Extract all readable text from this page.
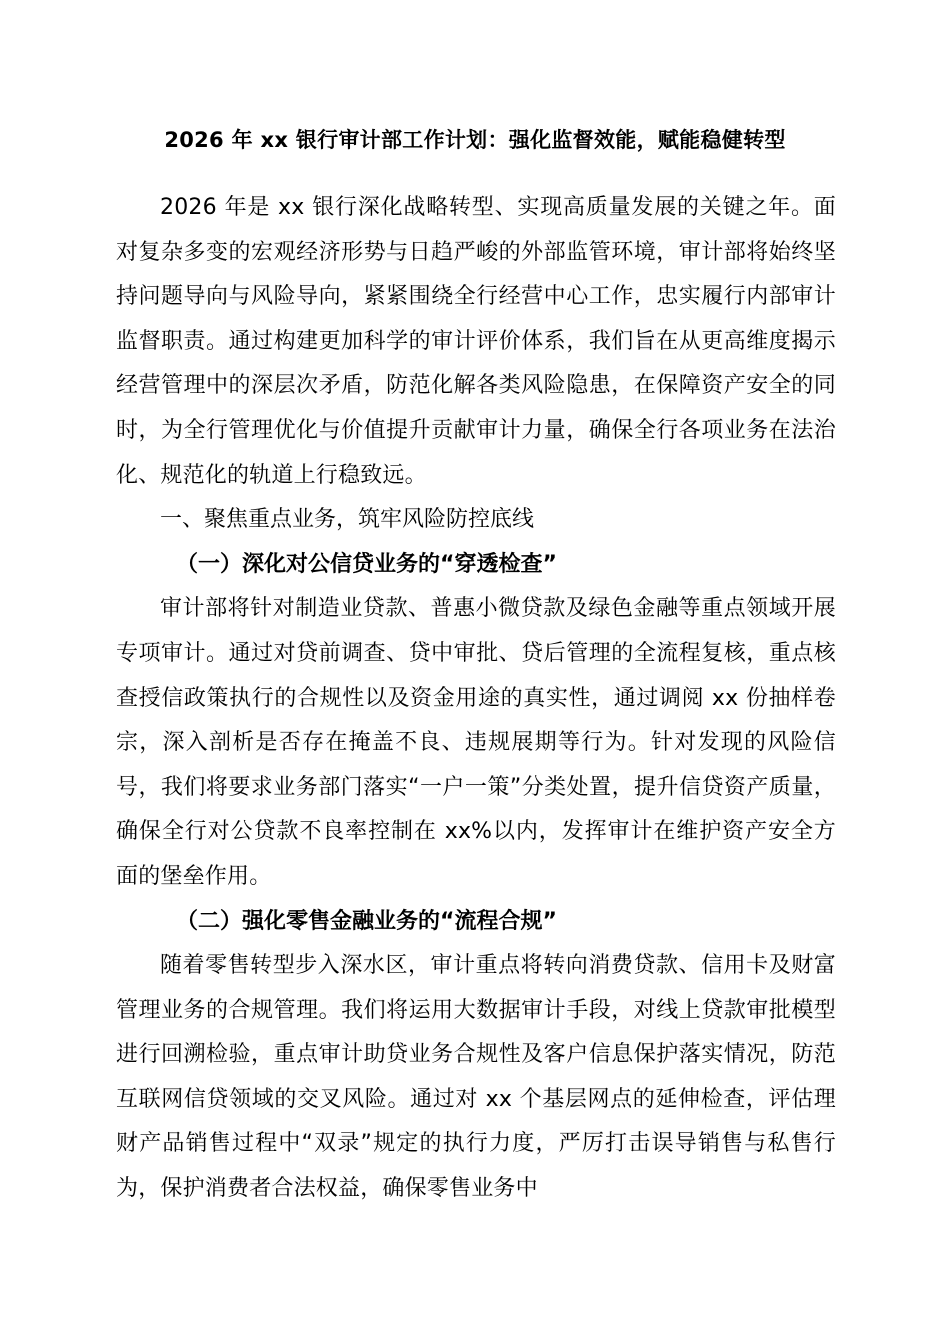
2026 年 xx 银行审计部工作计划：强化监督效能，赋能稳健转型

2026 年是 xx 银行深化战略转型、实现高质量发展的关键之年。面对复杂多变的宏观经济形势与日趋严峻的外部监管环境，审计部将始终坚持问题导向与风险导向，紧紧围绕全行经营中心工作，忠实履行内部审计监督职责。通过构建更加科学的审计评价体系，我们旨在从更高维度揭示经营管理中的深层次矛盾，防范化解各类风险隐患，在保障资产安全的同时，为全行管理优化与价值提升贡献审计力量，确保全行各项业务在法治化、规范化的轨道上行稳致远。

一、聚焦重点业务，筑牢风险防控底线

（一）深化对公信贷业务的“穿透检查”

审计部将针对制造业贷款、普惠小微贷款及绿色金融等重点领域开展专项审计。通过对贷前调查、贷中审批、贷后管理的全流程复核，重点核查授信政策执行的合规性以及资金用途的真实性，通过调阅 xx 份抽样卷宗，深入剖析是否存在掩盖不良、违规展期等行为。针对发现的风险信号，我们将要求业务部门落实“一户一策”分类处置，提升信贷资产质量，确保全行对公贷款不良率控制在 xx%以内，发挥审计在维护资产安全方面的堡垒作用。

（二）强化零售金融业务的“流程合规”

随着零售转型步入深水区，审计重点将转向消费贷款、信用卡及财富管理业务的合规管理。我们将运用大数据审计手段，对线上贷款审批模型进行回溯检验，重点审计助贷业务合规性及客户信息保护落实情况，防范互联网信贷领域的交叉风险。通过对 xx 个基层网点的延伸检查，评估理财产品销售过程中“双录”规定的执行力度，严厉打击误导销售与私售行为，保护消费者合法权益，确保零售业务中
